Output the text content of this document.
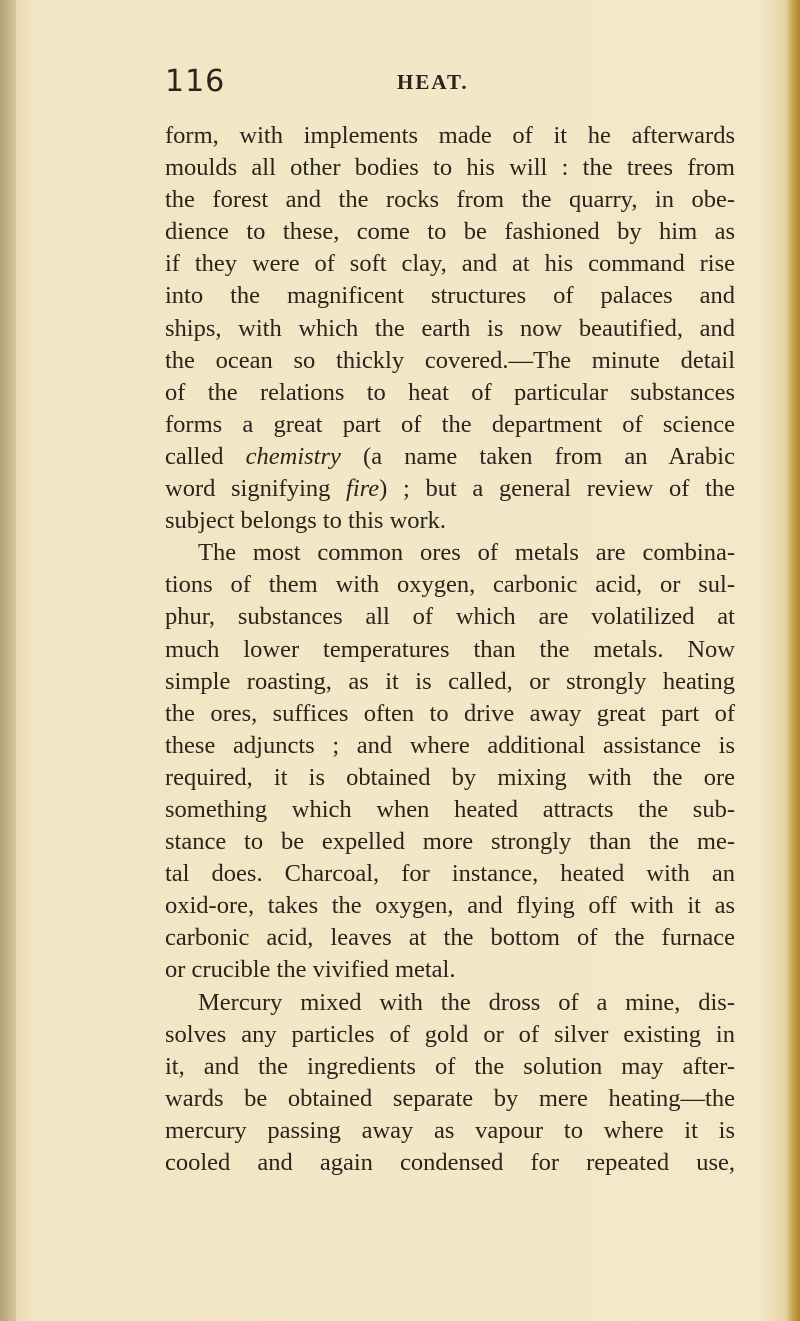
116	HEAT.
form, with implements made of it he afterwards
moulds all other bodies to his will : the trees from
the forest and the rocks from the quarry, in obe-
dience to these, come to be fashioned by him as
if they were of soft clay, and at his command rise
into the magnificent structures of palaces and
ships, with which the earth is now beautified, and
the ocean so thickly covered.—The minute detail
of the relations to heat of particular substances
forms a great part of the department of science
called chemistry (a name taken from an Arabic
word signifying fire) ; but a general review of the
subject belongs to this work.
The most common ores of metals are combina-
tions of them with oxygen, carbonic acid, or sul-
phur, substances all of which are volatilized at
much lower temperatures than the metals. Now
simple roasting, as it is called, or strongly heating
the ores, suffices often to drive away great part of
these adjuncts ; and where additional assistance is
required, it is obtained by mixing with the ore
something which when heated attracts the sub-
stance to be expelled more strongly than the me-
tal does. Charcoal, for instance, heated with an
oxid-ore, takes the oxygen, and flying off with it as
carbonic acid, leaves at the bottom of the furnace
or crucible the vivified metal.
Mercury mixed with the dross of a mine, dis-
solves any particles of gold or of silver existing in
it, and the ingredients of the solution may after-
wards be obtained separate by mere heating—the
mercury passing away as vapour to where it is
cooled and again condensed for repeated use,
